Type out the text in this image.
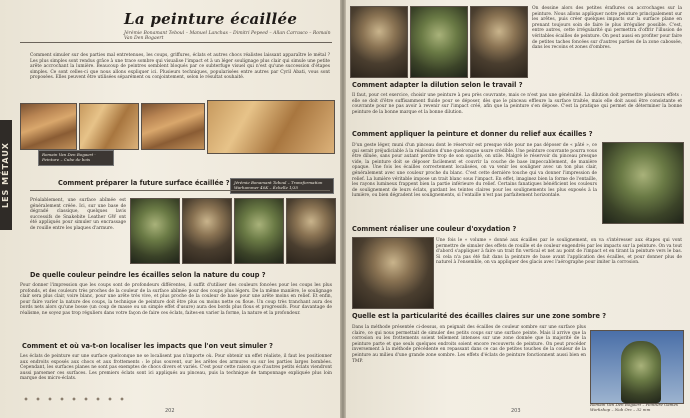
La peinture écaillée
Jérémie Bonamant Teboul – Manuel Lanchas – Dimitri Pepeed – Allan Carrasco – Romain Van Den Bogaert
LES MÉTAUX
Comment simuler sur des parties mal entretenues, les coups, griffures, éclats et autres chocs réalistes laissant apparaître le métal ? Les plus simples sont rendus grâce à une trace sombre qui visualise l'impact et à un léger soulignage plus clair qui simule une petite arête accrochant la lumière. Beaucoup de peintres semblent bloqués par ce subterfuge visuel qui n'est qu'une succession d'étapes simples. Ce sont celles-ci que nous allons expliquer ici. Plusieurs techniques, popularisées entre autres par Cyril Abati, vous sont proposées. Elles peuvent être utilisées séparément ou conjointement, selon le résultat souhaité.
Romain Van Den Bogaert · Peinture – Cube de bois
Comment préparer la future surface écaillée ?	Jérémie Bonamant Teboul – Transformation Warhammer 40K – Échelle 1/35
Préalablement, une surface abîmée est généralement créée. Ici, sur une base de dégradé classique, quelques lavis successifs de Snakebite Leather GW ont été appliqués pour simuler un encrassage de rouille entre les plaques d'armure.
De quelle couleur peindre les écailles selon la nature du coup ?
Pour donner l'impression que les coups sont de profondeurs différentes, il suffit d'utiliser des couleurs foncées pour les coups les plus profonds, et des couleurs très proches de la couleur de la surface abîmée pour des coups plus légers. De la même manière, le soulignage clair sera plus clair, voire blanc, pour une arête très vive, et plus proche de la couleur de base pour une arête moins en relief. Et enfin, pour faire varier la nature des coups, la technique de peinture doit être plus ou moins nette ou floue. Un coup très tranchant aura des bords nets alors qu'une bosse (un coup de masse ou un simple effet d'usure) aura des bords plus flous et progressifs. Pour davantage de réalisme, ne soyez pas trop réguliers dans votre façon de faire ces éclats, faites-en varier la forme, la nature et la profondeur.
Comment et où va-t-on localiser les impacts que l'on veut simuler ?
Les éclats de peinture sur une surface quelconque ne se localisent pas n'importe où. Pour obtenir un effet réaliste, il faut les positionner aux endroits exposés aux chocs et aux frottements : le plus souvent, sur les arêtes des armures ou sur les parties larges bombées. Cependant, les surfaces planes ne sont pas exemptes de chocs divers et variés. C'est pour cette raison que d'autres petits éclats viendront aussi parsemer ces surfaces. Les premiers éclats sont ici appliqués au pinceau, puis la technique de tamponnage expliquée plus loin marque des micro-éclats.
202
On dessine alors des petites éraflures ou accrochages sur la peinture. Nous allons appliquer notre peinture principalement sur les arêtes, puis créer quelques impacts sur la surface plane en prenant toujours soin de faire le plus irrégulier possible. C'est, entre autres, cette irrégularité qui permettra d'offrir l'illusion de véritables écailles de peinture. On peut aussi en profiter pour faire de petites taches foncées sur d'autres parties de la zone cabossée, dans les recoins et zones d'ombres.
Comment adapter la dilution selon le travail ?
Il faut, pour cet exercice, choisir une peinture à peu près couvrante, mais ce n'est pas une généralité. La dilution doit permettre plusieurs effets : elle se doit d'être suffisamment fluide pour se déposer, dès que le pinceau effleure la surface traitée, mais elle doit aussi être consistante et couvrante pour ne pas avoir à revenir sur l'impact créé, afin que la peinture s'en dépose. C'est la pratique qui permet de déterminer la bonne peinture de la bonne marque et la bonne dilution.
Comment appliquer la peinture et donner du relief aux écailles ?
D'un geste léger, muni d'un pinceau dont le réservoir est presque vide pour ne pas déposer de « pâté », ce qui serait préjudiciable à la réalisation d'une quelconque usure crédible. Une peinture couvrante pourra vous être diluée, sans pour autant perdre trop de son opacité, on utile. Malgré le réservoir du pinceau presque vide, la peinture doit se déposer facilement et couvrir la couche de base impeccablement, de manière opaque. Une fois les écailles correctement localisées, on va venir les souligner avec un ton plus clair, généralement avec une couleur proche du blanc. C'est cette dernière touche qui va donner l'impression de relief. La lumière véritable impose un trait blanc sous l'impact. En effet, imaginez bien la forme de l'entaille, les rayons lumineux frappent bien la partie inférieure du relief. Certains fanatiques bénéficient les couleurs de soulignement de leurs éclats, gardant les teintes claires pour les soulignements les plus exposés à la lumière, ou bien dégradent les soulignements, si l'entaille n'est pas parfaitement horizontale.
Comment réaliser une couleur d'oxydation ?
Une fois le « volume » donné aux écailles par le soulignement, on va s'intéresser aux étapes qui vont permettre de simuler des effets de rouille et de couleur engendrés par les impacts sur la peinture. On va tout d'abord s'appliquer à faire un trait fin vertical et net au point de l'impact et en tirant la peinture vers le bas. Si cela n'a pas été fait dans la peinture de base avant l'application des écailles, et pour donner plus de naturel à l'ensemble, on va appliquer des glacis avec l'aérographe pour imiter la corrosion.
Quelle est la particularité des écailles claires sur une zone sombre ?
Dans la méthode présentée ci-dessus, on peignait des écailles de couleur sombre sur une surface plus claire, ce qui nous permettait de simuler des petits coups sur une surface peinte. Mais il arrive que la corrosion ou les frottements soient tellement intenses sur une zone donnée que la majorité de la peinture parte et que seuls quelques endroits soient encore recouverts de peinture. On peut procéder inversement à la méthode précédente en repassant dans ce cas de petites touches de la couleur de la peinture au milieu d'une grande zone sombre. Les effets d'éclats de peinture fonctionnent aussi bien en TMP.
Romain Van Den Bogaert – Peinture Games Workshop – Nob Orc – 32 mm
203
